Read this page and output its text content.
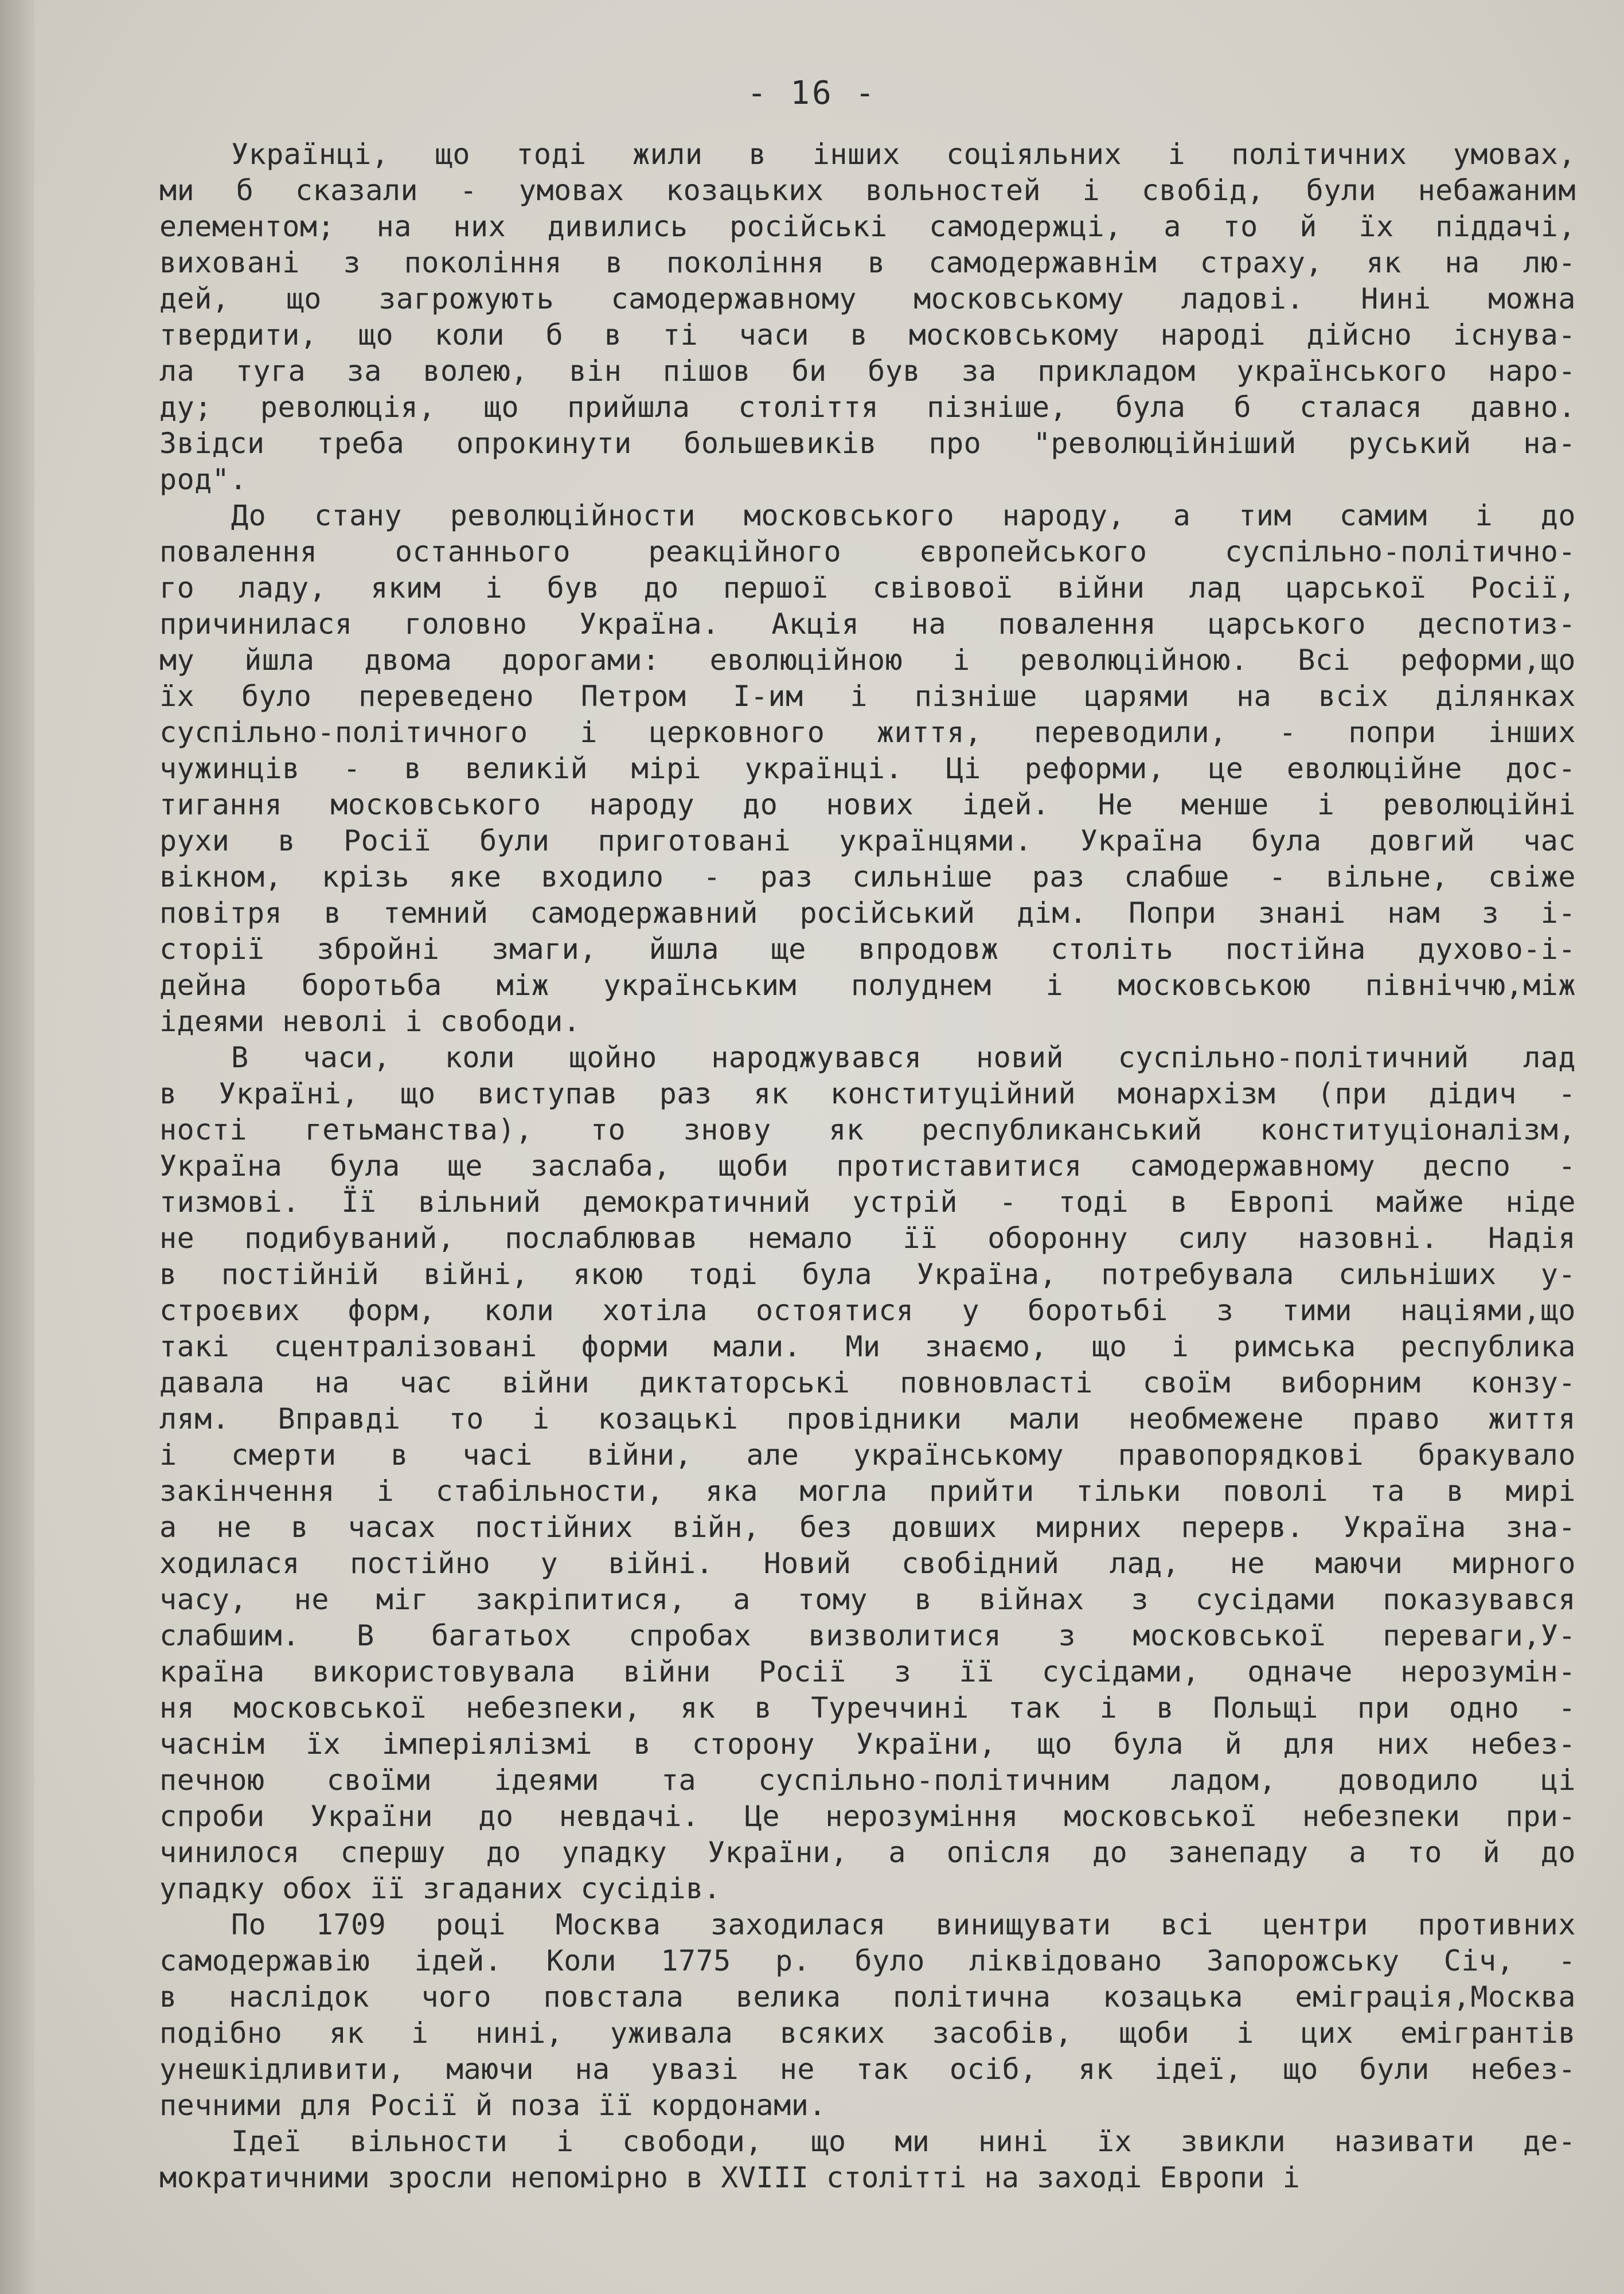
- 16 -
Українці, що тоді жили в інших соціяльних і політичних умовах,
ми б сказали - умовах козацьких вольностей і свобід, були небажаним
елементом; на них дивились російські самодержці, а то й їх піддачі,
виховані з покоління в покоління в самодержавнім страху, як на лю-
дей, що загрожують самодержавному московському ладові. Нині можна
твердити, що коли б в ті часи в московському народі дійсно існува-
ла туга за волею, він пішов би був за прикладом українського наро-
ду; революція, що прийшла століття пізніше, була б сталася давно.
Звідси треба опрокинути большевиків про "революційніший руський на-
род".
До стану революційности московського народу, а тим самим і до
повалення останнього реакційного європейського суспільно-політично-
го ладу, яким і був до першої свівової війни лад царської Росії,
причинилася головно Україна. Акція на повалення царського деспотиз-
му йшла двома дорогами: еволюційною і революційною. Всі реформи,що
їх було переведено Петром І-им і пізніше царями на всіх ділянках
суспільно-політичного і церковного життя, переводили, - попри інших
чужинців - в великій мірі українці. Ці реформи, це еволюційне дос-
тигання московського народу до нових ідей. Не менше і революційні
рухи в Росії були приготовані українцями. Україна була довгий час
вікном, крізь яке входило - раз сильніше раз слабше - вільне, свіже
повітря в темний самодержавний російський дім. Попри знані нам з і-
сторії збройні змаги, йшла ще впродовж століть постійна духово-і-
дейна боротьба між українським полуднем і московською північчю,між
ідеями неволі і свободи.
В часи, коли щойно народжувався новий суспільно-політичний лад
в Україні, що виступав раз як конституційний монархізм (при дідич -
ності гетьманства), то знову як республиканський конституціоналізм,
Україна була ще заслаба, щоби протиставитися самодержавному деспо -
тизмові. Її вільний демократичний устрій - тоді в Европі майже ніде
не подибуваний, послаблював немало її оборонну силу назовні. Надія
в постійній війні, якою тоді була Україна, потребувала сильніших у-
строєвих форм, коли хотіла остоятися у боротьбі з тими націями,що
такі сцентралізовані форми мали. Ми знаємо, що і римська республика
давала на час війни диктаторські повновласті своїм виборним конзу-
лям. Вправді то і козацькі провідники мали необмежене право життя
і смерти в часі війни, але українському правопорядкові бракувало
закінчення і стабільности, яка могла прийти тільки поволі та в мирі
а не в часах постійних війн, без довших мирних перерв. Україна зна-
ходилася постійно у війні. Новий свобідний лад, не маючи мирного
часу, не міг закріпитися, а тому в війнах з сусідами показувався
слабшим. В багатьох спробах визволитися з московської переваги,У-
країна використовувала війни Росії з її сусідами, одначе нерозумін-
ня московської небезпеки, як в Туреччині так і в Польщі при одно -
часнім їх імперіялізмі в сторону України, що була й для них небез-
печною своїми ідеями та суспільно-політичним ладом, доводило ці
спроби України до невдачі. Це нерозуміння московської небезпеки при-
чинилося спершу до упадку України, а опісля до занепаду а то й до
упадку обох її згаданих сусідів.
По 1709 році Москва заходилася винищувати всі центри противних
самодержавію ідей. Коли 1775 р. було ліквідовано Запорожську Січ, -
в наслідок чого повстала велика політична козацька еміграція,Москва
подібно як і нині, уживала всяких засобів, щоби і цих емігрантів
унешкідливити, маючи на увазі не так осіб, як ідеї, що були небез-
печними для Росії й поза її кордонами.
Ідеї вільности і свободи, що ми нині їх звикли називати де-
мократичними зросли непомірно в XVIII столітті на заході Европи і
